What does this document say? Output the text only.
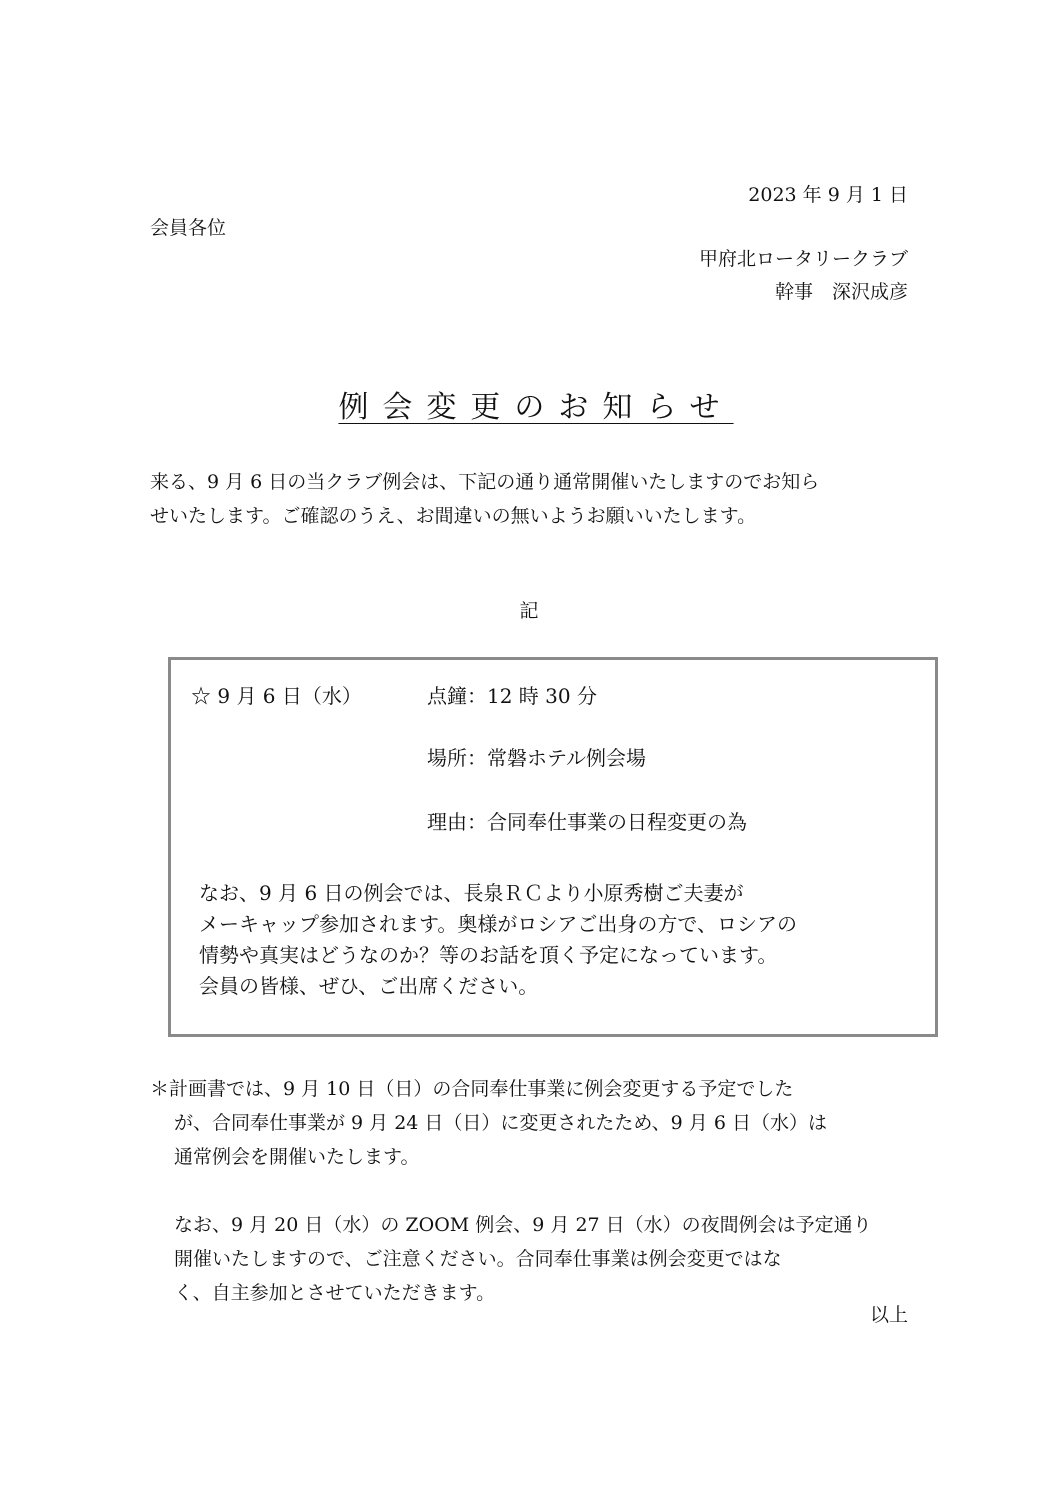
2023 年 9 月 1 日
会員各位
甲府北ロータリークラブ
幹事　深沢成彦
例会変更のお知らせ
来る、9 月 6 日の当クラブ例会は、下記の通り通常開催いたしますのでお知ら
せいたします。ご確認のうえ、お間違いの無いようお願いいたします。
記
☆ 9 月 6 日（水）	点鐘：12 時 30 分
場所：常磐ホテル例会場
理由：合同奉仕事業の日程変更の為
なお、9 月 6 日の例会では、長泉ＲＣより小原秀樹ご夫妻が
メーキャップ参加されます。奥様がロシアご出身の方で、ロシアの
情勢や真実はどうなのか？等のお話を頂く予定になっています。
会員の皆様、ぜひ、ご出席ください。
＊計画書では、9 月 10 日（日）の合同奉仕事業に例会変更する予定でした
が、合同奉仕事業が 9 月 24 日（日）に変更されたため、9 月 6 日（水）は
通常例会を開催いたします。
なお、9 月 20 日（水）の ZOOM 例会、9 月 27 日（水）の夜間例会は予定通り
開催いたしますので、ご注意ください。合同奉仕事業は例会変更ではな
く、自主参加とさせていただきます。
以上
